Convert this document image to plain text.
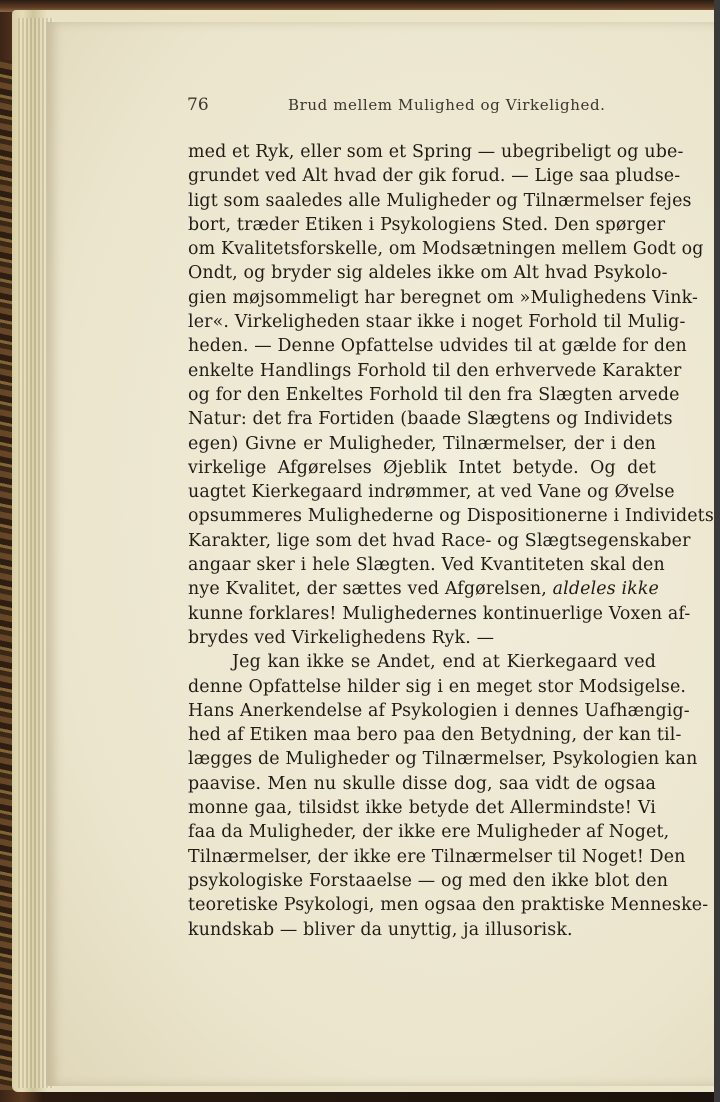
76	Brud mellem Mulighed og Virkelighed.
med et Ryk, eller som et Spring — ubegribeligt og ube-
grundet ved Alt hvad der gik forud. — Lige saa pludse-
ligt som saaledes alle Muligheder og Tilnærmelser fejes
bort, træder Etiken i Psykologiens Sted. Den spørger
om Kvalitetsforskelle, om Modsætningen mellem Godt og
Ondt, og bryder sig aldeles ikke om Alt hvad Psykolo-
gien møjsommeligt har beregnet om »Mulighedens Vink-
ler«. Virkeligheden staar ikke i noget Forhold til Mulig-
heden. — Denne Opfattelse udvides til at gælde for den
enkelte Handlings Forhold til den erhvervede Karakter
og for den Enkeltes Forhold til den fra Slægten arvede
Natur: det fra Fortiden (baade Slægtens og Individets
egen) Givne er Muligheder, Tilnærmelser, der i den
virkelige Afgørelses Øjeblik Intet betyde. Og det
uagtet Kierkegaard indrømmer, at ved Vane og Øvelse
opsummeres Mulighederne og Dispositionerne i Individets
Karakter, lige som det hvad Race- og Slægtsegenskaber
angaar sker i hele Slægten. Ved Kvantiteten skal den
nye Kvalitet, der sættes ved Afgørelsen, aldeles ikke
kunne forklares! Mulighedernes kontinuerlige Voxen af-
brydes ved Virkelighedens Ryk. —
Jeg kan ikke se Andet, end at Kierkegaard ved
denne Opfattelse hilder sig i en meget stor Modsigelse.
Hans Anerkendelse af Psykologien i dennes Uafhængig-
hed af Etiken maa bero paa den Betydning, der kan til-
lægges de Muligheder og Tilnærmelser, Psykologien kan
paavise. Men nu skulle disse dog, saa vidt de ogsaa
monne gaa, tilsidst ikke betyde det Allermindste! Vi
faa da Muligheder, der ikke ere Muligheder af Noget,
Tilnærmelser, der ikke ere Tilnærmelser til Noget! Den
psykologiske Forstaaelse — og med den ikke blot den
teoretiske Psykologi, men ogsaa den praktiske Menneske-
kundskab — bliver da unyttig, ja illusorisk.
